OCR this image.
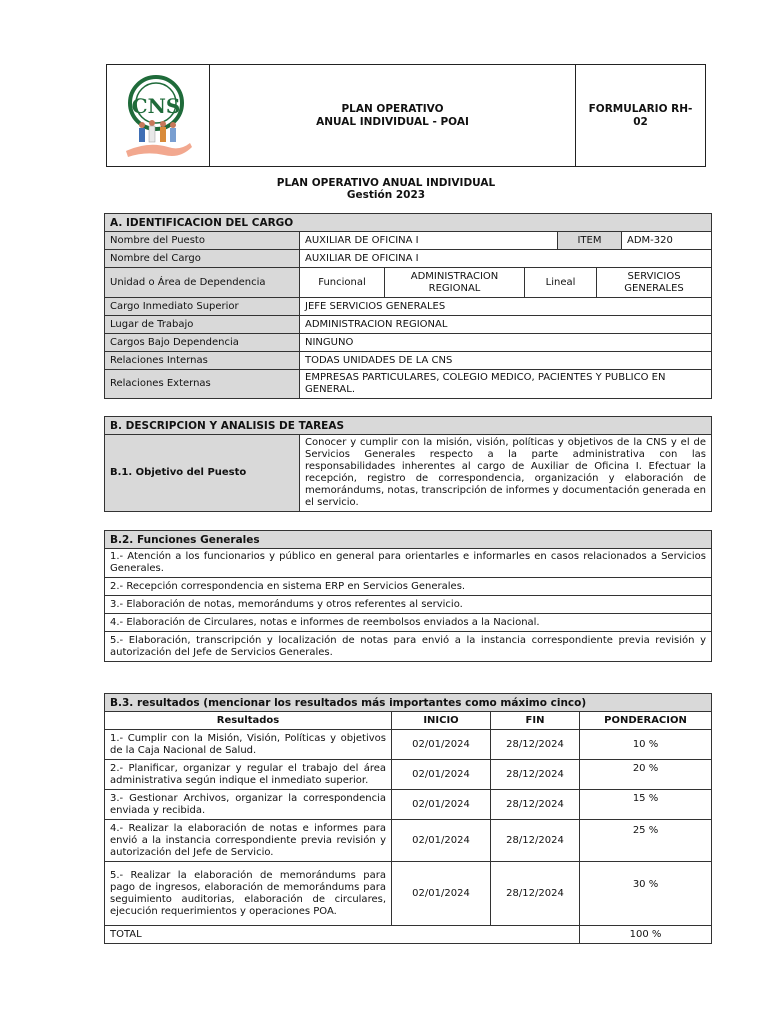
CNS	PLAN OPERATIVO
ANUAL INDIVIDUAL - POAI
	FORMULARIO RH-02
PLAN OPERATIVO ANUAL INDIVIDUAL
Gestión 2023
A. IDENTIFICACION DEL CARGO						
Nombre del Puesto	AUXILIAR DE OFICINA I			ITEM		ADM-320
Nombre del Cargo	AUXILIAR DE OFICINA I					
Unidad o Área de Dependencia	Funcional	ADMINISTRACION REGIONAL	Lineal		SERVICIOS GENERALES	
Cargo Inmediato Superior	JEFE SERVICIOS GENERALES					
Lugar de Trabajo	ADMINISTRACION REGIONAL					
Cargos Bajo Dependencia	NINGUNO					
Relaciones Internas	TODAS UNIDADES DE LA CNS					
Relaciones Externas	EMPRESAS PARTICULARES, COLEGIO MEDICO, PACIENTES Y PUBLICO EN GENERAL.					
B. DESCRIPCION Y ANALISIS DE TAREAS
B.1. Objetivo del Puesto	Conocer y cumplir con la misión, visión, políticas y objetivos de la CNS y el de Servicios Generales respecto a la parte administrativa con las responsabilidades inherentes al cargo de Auxiliar de Oficina I. Efectuar la recepción, registro de correspondencia, organización y elaboración de memorándums, notas, transcripción de informes y documentación generada en el servicio.
B.2. Funciones Generales
1.- Atención a los funcionarios y público en general para orientarles e informarles en casos relacionados a Servicios Generales.
2.- Recepción correspondencia en sistema ERP en Servicios Generales.
3.- Elaboración de notas, memorándums y otros referentes al servicio.
4.- Elaboración de Circulares, notas e informes de reembolsos enviados a la Nacional.
5.- Elaboración, transcripción y localización de notas para envió a la instancia correspondiente previa revisión y autorización del Jefe de Servicios Generales.
B.3. resultados (mencionar los resultados más importantes como máximo cinco)			
Resultados	INICIO	FIN	PONDERACION
1.- Cumplir con la Misión, Visión, Políticas y objetivos de la Caja Nacional de Salud.	02/01/2024	28/12/2024	10 %
2.- Planificar, organizar y regular el trabajo del área administrativa según indique el inmediato superior.	02/01/2024	28/12/2024	20 %
3.- Gestionar Archivos, organizar la correspondencia enviada y recibida.	02/01/2024	28/12/2024	15 %
4.- Realizar la elaboración de notas e informes para envió a la instancia correspondiente previa revisión y autorización del Jefe de Servicio.	02/01/2024	28/12/2024	25 %
5.- Realizar la elaboración de memorándums para pago de ingresos, elaboración de memorándums para seguimiento auditorias, elaboración de circulares, ejecución requerimientos y operaciones POA.	02/01/2024	28/12/2024	30 %
TOTAL			100 %
